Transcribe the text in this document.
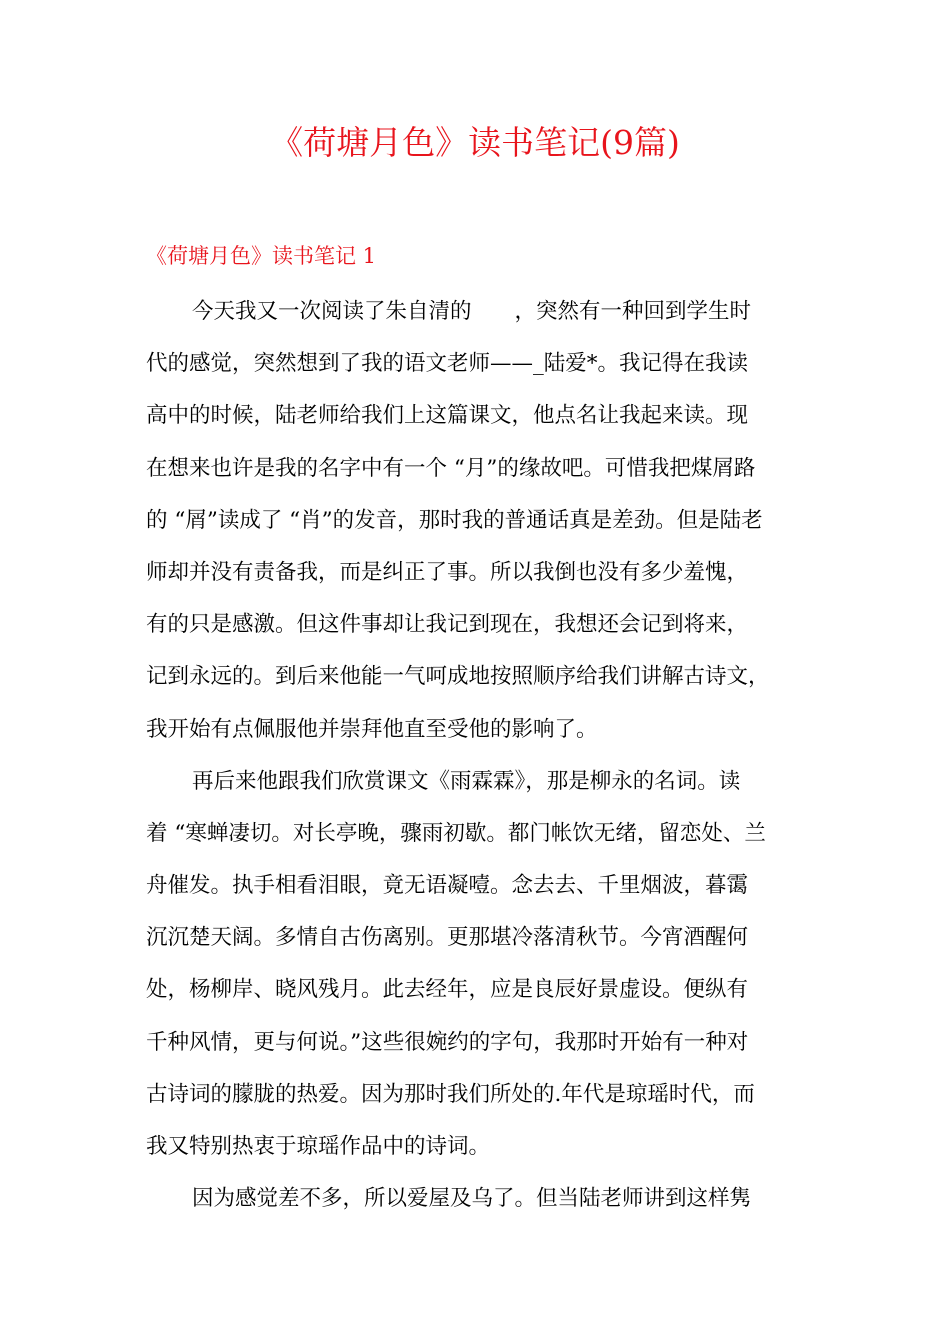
《荷塘月色》读书笔记(9篇)
《荷塘月色》读书笔记 1
今天我又一次阅读了朱自清的　　，突然有一种回到学生时
代的感觉，突然想到了我的语文老师——_陆爱*。我记得在我读
高中的时候，陆老师给我们上这篇课文，他点名让我起来读。现
在想来也许是我的名字中有一个 “月”的缘故吧。可惜我把煤屑路
的 “屑”读成了 “肖”的发音，那时我的普通话真是差劲。但是陆老
师却并没有责备我，而是纠正了事。所以我倒也没有多少羞愧，
有的只是感激。但这件事却让我记到现在，我想还会记到将来，
记到永远的。到后来他能一气呵成地按照顺序给我们讲解古诗文，
我开始有点佩服他并崇拜他直至受他的影响了。
再后来他跟我们欣赏课文《雨霖霖》，那是柳永的名词。读
着 “寒蝉凄切。对长亭晚，骤雨初歇。都门帐饮无绪，留恋处、兰
舟催发。执手相看泪眼，竟无语凝噎。念去去、千里烟波，暮霭
沉沉楚天阔。多情自古伤离别。更那堪冷落清秋节。今宵酒醒何
处，杨柳岸、晓风残月。此去经年，应是良辰好景虚设。便纵有
千种风情，更与何说。”这些很婉约的字句，我那时开始有一种对
古诗词的朦胧的热爱。因为那时我们所处的.年代是琼瑶时代，而
我又特别热衷于琼瑶作品中的诗词。
因为感觉差不多，所以爱屋及乌了。但当陆老师讲到这样隽
